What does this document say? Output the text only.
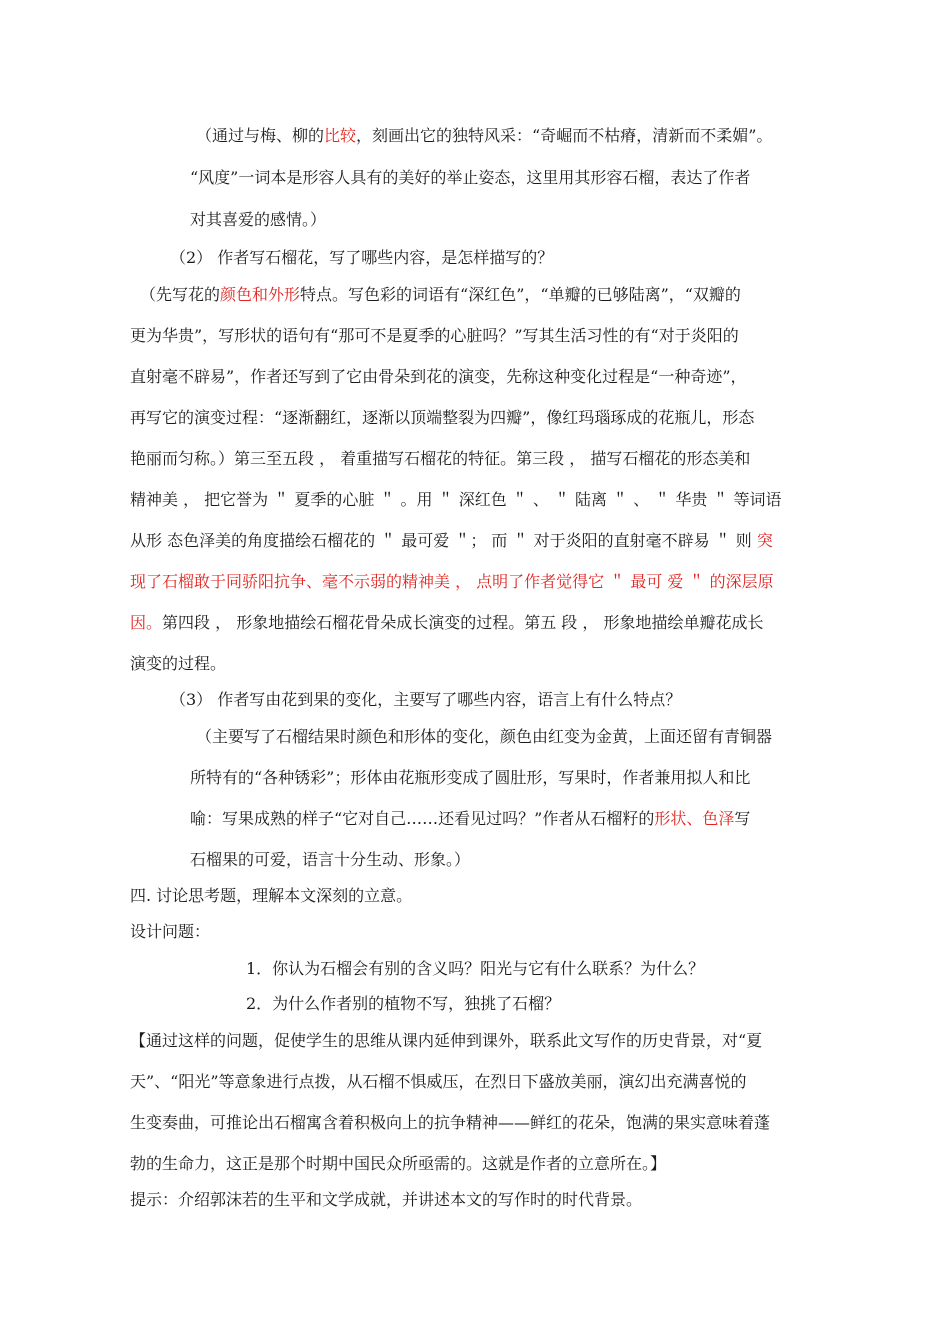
（通过与梅、柳的比较，刻画出它的独特风采：“奇崛而不枯瘠，清新而不柔媚”。
“风度”一词本是形容人具有的美好的举止姿态，这里用其形容石榴，表达了作者
对其喜爱的感情。）
（2） 作者写石榴花，写了哪些内容，是怎样描写的？
（先写花的颜色和外形特点。写色彩的词语有“深红色”，“单瓣的已够陆离”，“双瓣的
更为华贵”，写形状的语句有“那可不是夏季的心脏吗？”写其生活习性的有“对于炎阳的
直射毫不辟易”，作者还写到了它由骨朵到花的演变，先称这种变化过程是“一种奇迹”，
再写它的演变过程：“逐渐翻红，逐渐以顶端整裂为四瓣”，像红玛瑙琢成的花瓶儿，形态
艳丽而匀称。）第三至五段 ， 着重描写石榴花的特征。第三段 ， 描写石榴花的形态美和
精神美 ， 把它誉为 ＂ 夏季的心脏 ＂ 。用 ＂ 深红色 ＂ 、 ＂ 陆离 ＂ 、 ＂ 华贵 ＂ 等词语
从形 态色泽美的角度描绘石榴花的 ＂ 最可爱 ＂； 而 ＂ 对于炎阳的直射毫不辟易 ＂ 则 突
现了石榴敢于同骄阳抗争、毫不示弱的精神美 ， 点明了作者觉得它 ＂ 最可 爱 ＂ 的深层原
因。第四段 ， 形象地描绘石榴花骨朵成长演变的过程。第五 段 ， 形象地描绘单瓣花成长
演变的过程。
（3） 作者写由花到果的变化，主要写了哪些内容，语言上有什么特点？
（主要写了石榴结果时颜色和形体的变化，颜色由红变为金黄，上面还留有青铜器
所特有的“各种锈彩”；形体由花瓶形变成了圆肚形，写果时，作者兼用拟人和比
喻：写果成熟的样子“它对自己……还看见过吗？”作者从石榴籽的形状、色泽写
石榴果的可爱，语言十分生动、形象。）
四. 讨论思考题，理解本文深刻的立意。
设计问题：
1．你认为石榴会有别的含义吗？阳光与它有什么联系？为什么？
2．为什么作者别的植物不写，独挑了石榴？
【通过这样的问题，促使学生的思维从课内延伸到课外，联系此文写作的历史背景，对“夏
天”、“阳光”等意象进行点拨，从石榴不惧威压，在烈日下盛放美丽，演幻出充满喜悦的
生变奏曲，可推论出石榴寓含着积极向上的抗争精神——鲜红的花朵，饱满的果实意味着蓬
勃的生命力，这正是那个时期中国民众所亟需的。这就是作者的立意所在。】
提示：介绍郭沫若的生平和文学成就，并讲述本文的写作时的时代背景。
